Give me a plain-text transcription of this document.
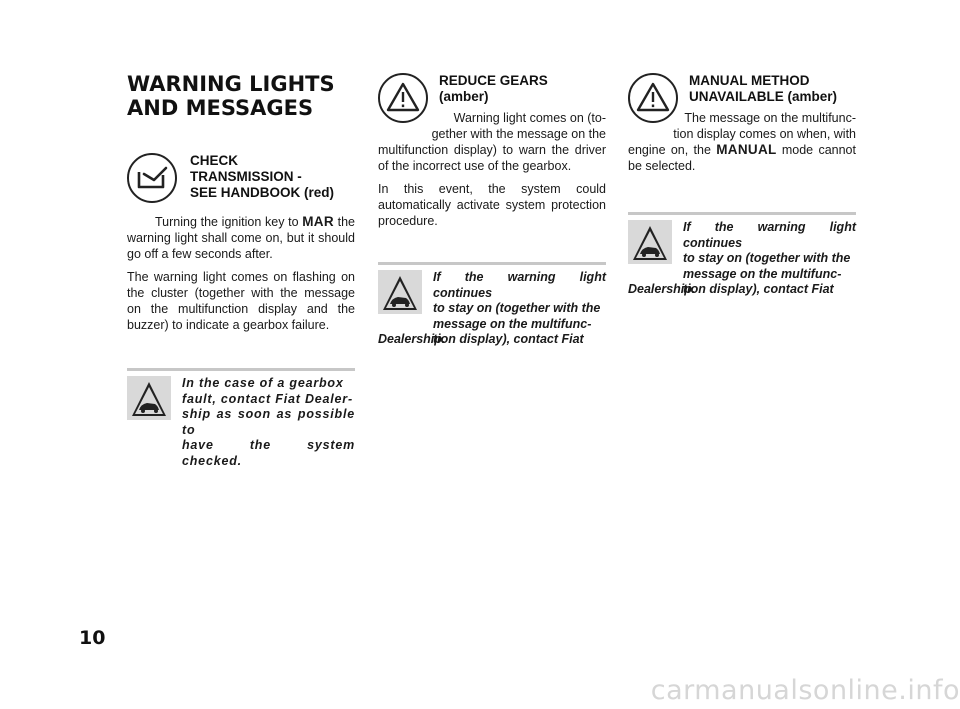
WARNING LIGHTS
AND MESSAGES
CHECK
TRANSMISSION -
SEE HANDBOOK (red)

Turning the ignition key to MAR the warning light shall come on, but it should go off a few seconds after.

The warning light comes on flashing on the cluster (together with the message on the multifunction display and the buzzer) to indicate a gearbox failure.

In the case of a gearbox
fault, contact Fiat Dealer-
ship as soon as possible to
have the system checked.
REDUCE GEARS
(amber)

Warning light comes on (to-
gether with the message on the

multifunction display) to warn the driver of the incorrect use of the gearbox.

In this event, the system could automatically activate system protection procedure.

If the warning light continues
to stay on (together with the
message on the multifunc-
tion display), contact Fiat
Dealership.
MANUAL METHOD
UNAVAILABLE (amber)

The message on the multifunc-
tion display comes on when, with

engine on, the MANUAL mode cannot be selected.

If the warning light continues
to stay on (together with the
message on the multifunc-
tion display), contact Fiat
Dealership.
10
carmanualsonline.info
